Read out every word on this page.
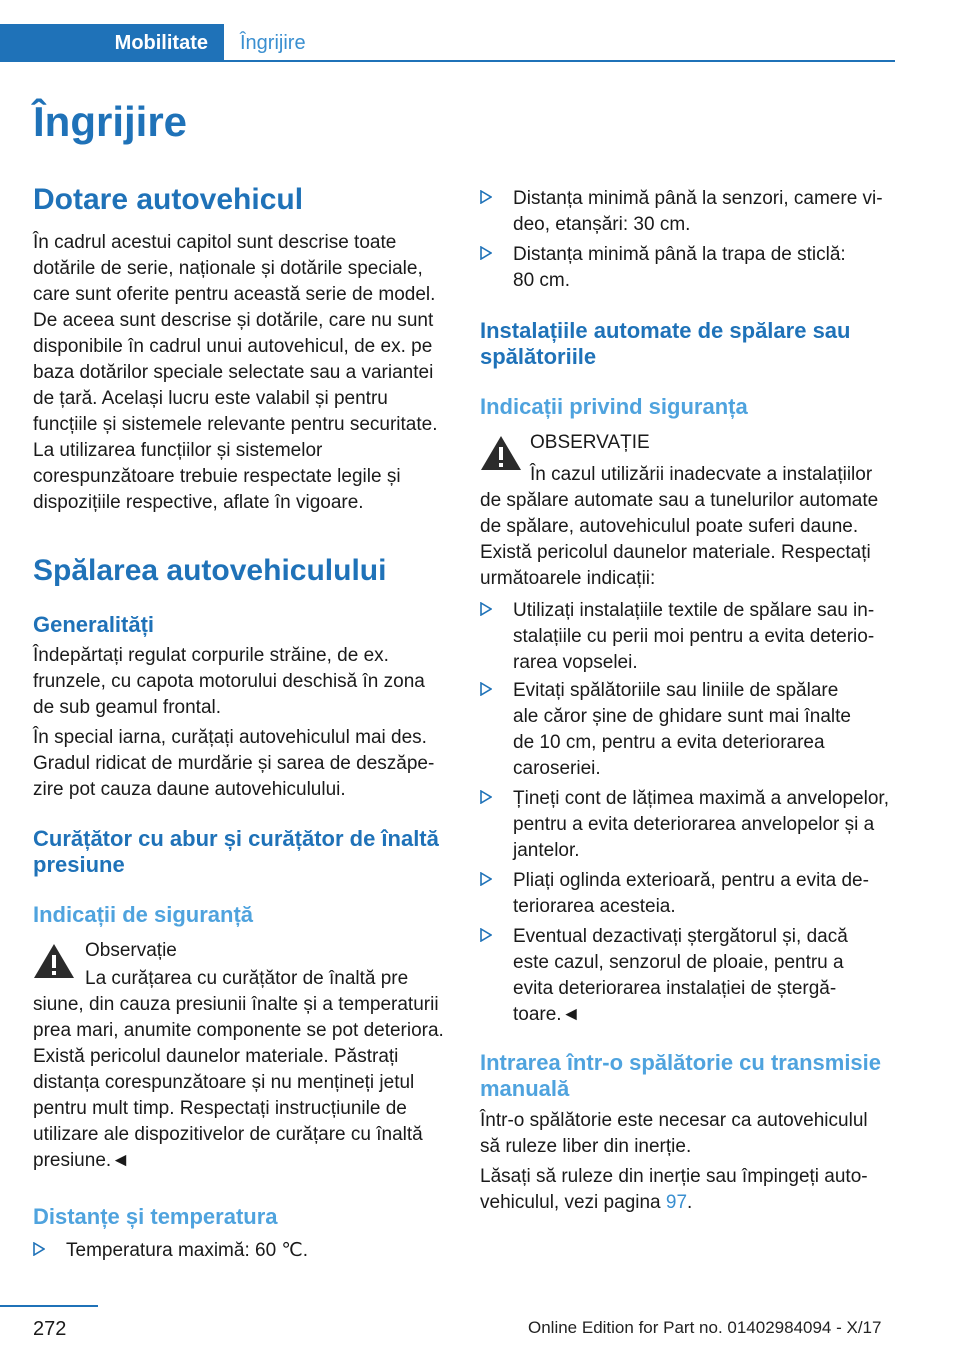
Mobilitate	Îngrijire
Îngrijire
Dotare autovehicul

În cadrul acestui capitol sunt descrise toate dotările de serie, naționale și dotările speciale, care sunt oferite pentru această serie de model. De aceea sunt descrise și dotările, care nu sunt disponibile în cadrul unui autovehicul, de ex. pe baza dotărilor speciale selectate sau a variantei de țară. Același lucru este valabil și pentru funcțiile și sistemele relevante pentru securitate. La utilizarea funcțiilor și sistemelor corespunzătoare trebuie respectate legile și dispozițiile respective, aflate în vigoare.

Spălarea autovehiculului
Generalități

Îndepărtați regulat corpurile străine, de ex. frunzele, cu capota motorului deschisă în zona de sub geamul frontal.

În special iarna, curățați autovehiculul mai des. Gradul ridicat de murdărie și sarea de deszăpezire pot cauza daune autovehiculului.

Curățător cu abur și curățător de înaltă presiune
Indicații de siguranță

Observație

La curățarea cu curățător de înaltă pre

siune, din cauza presiunii înalte și a temperaturii prea mari, anumite componente se pot deteriora. Există pericolul daunelor materiale. Păstrați distanța corespunzătoare și nu mențineți jetul pentru mult timp. Respectați instrucțiunile de utilizare ale dispozitivelor de curățare cu înaltă presiune.◄

Distanțe și temperatura
Temperatura maximă: 60 ℃.
Distanța minimă până la senzori, camere video, etanșări: 30 cm.
Distanța minimă până la trapa de sticlă: 80 cm.
Instalațiile automate de spălare sau spălătoriile
Indicații privind siguranța

OBSERVAȚIE

În cazul utilizării inadecvate a instalațiilor

de spălare automate sau a tunelurilor automate de spălare, autovehiculul poate suferi daune. Există pericolul daunelor materiale. Respectați următoarele indicații:

Utilizați instalațiile textile de spălare sau instalațiile cu perii moi pentru a evita deteriorarea vopselei.
Evitați spălătoriile sau liniile de spălare ale căror șine de ghidare sunt mai înalte de 10 cm, pentru a evita deteriorarea caroseriei.
Țineți cont de lățimea maximă a anvelopelor, pentru a evita deteriorarea anvelopelor și a jantelor.
Pliați oglinda exterioară, pentru a evita deteriorarea acesteia.
Eventual dezactivați ștergătorul și, dacă este cazul, senzorul de ploaie, pentru a evita deteriorarea instalației de ștergătoare.◄
Intrarea într-o spălătorie cu transmisie manuală

Într-o spălătorie este necesar ca autovehiculul să ruleze liber din inerție.

Lăsați să ruleze din inerție sau împingeți autovehiculul, vezi pagina 97.

272	Online Edition for Part no. 01402984094 - X/17
